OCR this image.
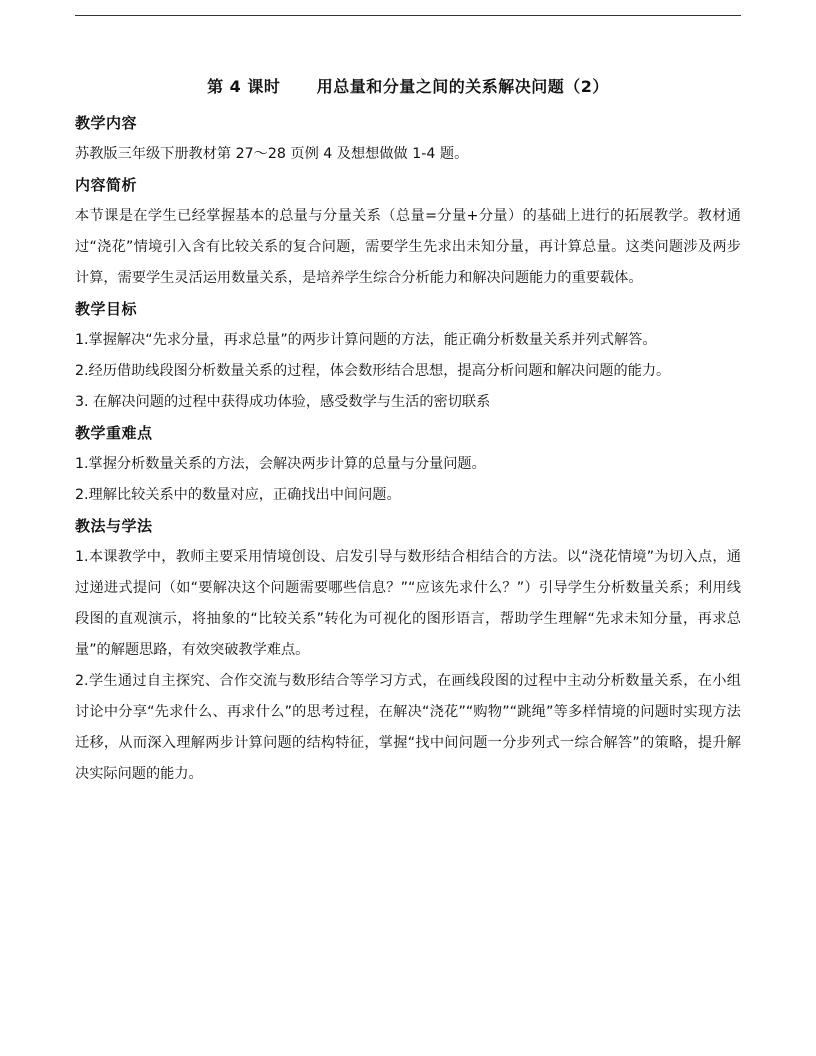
第 4 课时      用总量和分量之间的关系解决问题（2）
教学内容

苏教版三年级下册教材第 27～28 页例 4 及想想做做 1-4 题。

内容简析

本节课是在学生已经掌握基本的总量与分量关系（总量=分量+分量）的基础上进行的拓展教学。教材通过“浇花”情境引入含有比较关系的复合问题，需要学生先求出未知分量，再计算总量。这类问题涉及两步计算，需要学生灵活运用数量关系，是培养学生综合分析能力和解决问题能力的重要载体。

教学目标

1.掌握解决“先求分量，再求总量”的两步计算问题的方法，能正确分析数量关系并列式解答。

2.经历借助线段图分析数量关系的过程，体会数形结合思想，提高分析问题和解决问题的能力。

3. 在解决问题的过程中获得成功体验，感受数学与生活的密切联系

教学重难点

1.掌握分析数量关系的方法，会解决两步计算的总量与分量问题。

2.理解比较关系中的数量对应，正确找出中间问题。

教法与学法

1.本课教学中，教师主要采用情境创设、启发引导与数形结合相结合的方法。以“浇花情境”为切入点，通过递进式提问（如“要解决这个问题需要哪些信息？”“应该先求什么？”）引导学生分析数量关系；利用线段图的直观演示，将抽象的“比较关系”转化为可视化的图形语言，帮助学生理解“先求未知分量，再求总量”的解题思路，有效突破教学难点。

2.学生通过自主探究、合作交流与数形结合等学习方式，在画线段图的过程中主动分析数量关系，在小组讨论中分享“先求什么、再求什么”的思考过程，在解决“浇花”“购物”“跳绳”等多样情境的问题时实现方法迁移，从而深入理解两步计算问题的结构特征，掌握“找中间问题一分步列式一综合解答”的策略，提升解决实际问题的能力。
